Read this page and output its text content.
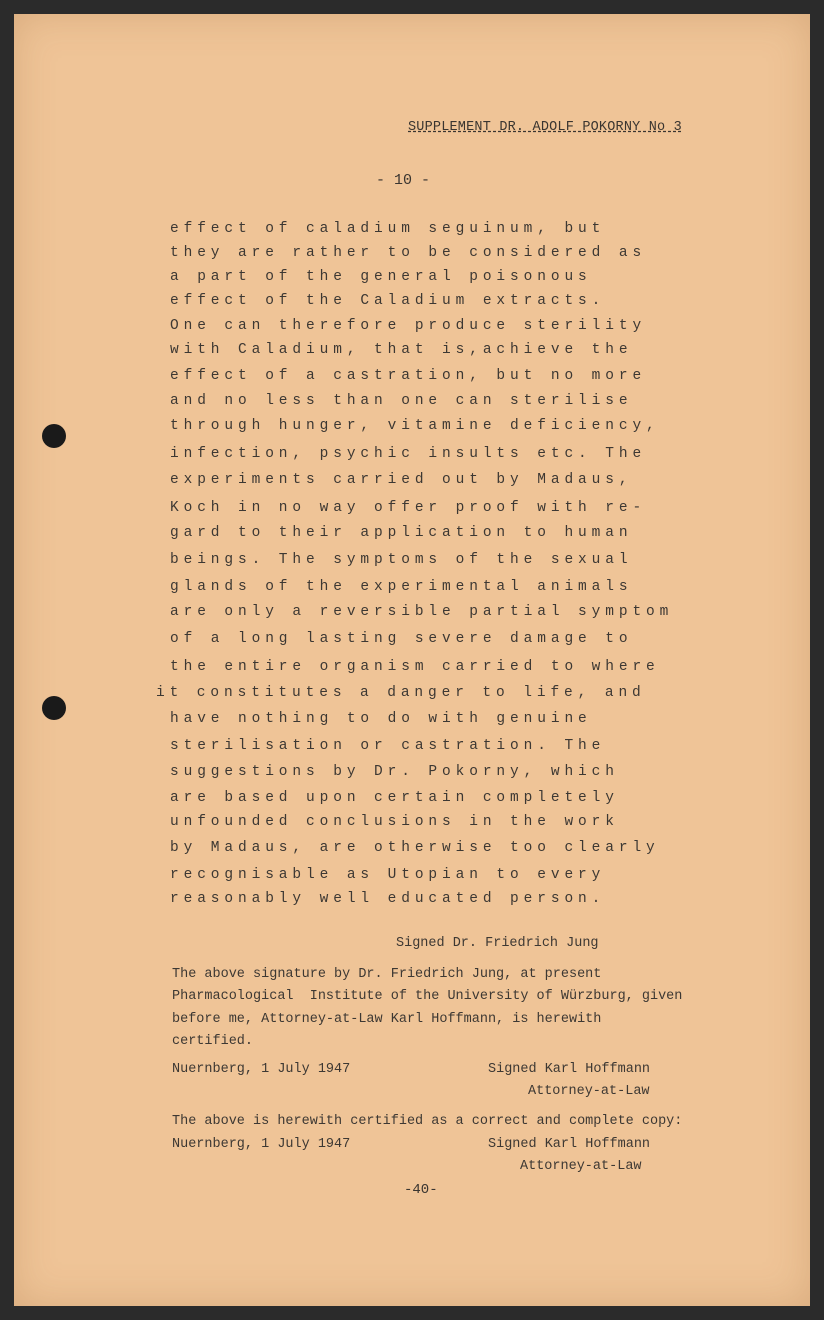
SUPPLEMENT DR. ADOLF POKORNY No 3
- 10 -
effect of caladium seguinum, but
they are rather to be considered as
a part of the general poisonous
effect of the Caladium extracts.
One can therefore produce sterility
with Caladium, that is,achieve the
effect of a castration, but no more
and no less than one can sterilise
through hunger, vitamine deficiency,
infection, psychic insults etc. The
experiments carried out by Madaus,
Koch in no way offer proof with re-
gard to their application to human
beings. The symptoms of the sexual
glands of the experimental animals
are only a reversible partial symptom
of a long lasting severe damage to
the entire organism carried to where
it constitutes a danger to life, and
have nothing to do with genuine
sterilisation or castration. The
suggestions by Dr. Pokorny, which
are based upon certain completely
unfounded conclusions in the work
by Madaus, are otherwise too clearly
recognisable as Utopian to every
reasonably well educated person.
Signed Dr. Friedrich Jung
The above signature by Dr. Friedrich Jung, at present
Pharmacological  Institute of the University of Würzburg, given
before me, Attorney-at-Law Karl Hoffmann, is herewith
certified.
Nuernberg, 1 July 1947	Signed Karl Hoffmann
Attorney-at-Law
The above is herewith certified as a correct and complete copy:
Nuernberg, 1 July 1947	Signed Karl Hoffmann
Attorney-at-Law
-40-
